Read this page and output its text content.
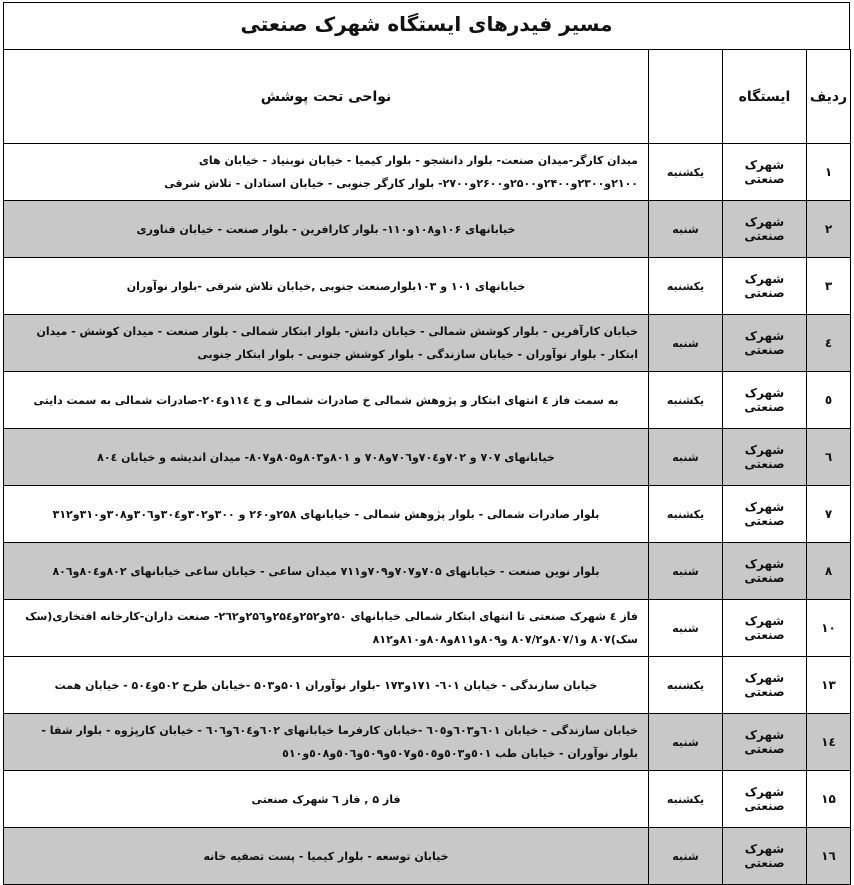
مسیر فیدرهای ایستگاه شهرک صنعتی
ردیف	ایستگاه		نواحی تحت پوشش
۱	شهرک صنعتی	یکشنبه	میدان کارگر-میدان صنعت- بلوار دانشجو - بلوار کیمیا - خیابان نوبنیاد - خیابان های ۲۱۰۰و۲۳۰۰و۲۴۰۰و۲۵۰۰و۲۶۰۰و۲۷۰۰- بلوار کارگر جنوبی - خیابان استادان - تلاش شرقی
۲	شهرک صنعتی	شنبه	خیابانهای ۱۰۶و۱۰۸و۱۱۰- بلوار کارافرین - بلوار صنعت - خیابان فناوری
۳	شهرک صنعتی	یکشنبه	خیابانهای ۱۰۱ و ۱۰۳بلوارصنعت جنوبی ,خیابان تلاش شرقی -بلوار نوآوران
٤	شهرک صنعتی	شنبه	خیابان کارآفرین - بلوار کوشش شمالی - خیابان دانش- بلوار ابتکار شمالی - بلوار صنعت - میدان کوشش - میدان ابتکار - بلوار نوآوران - خیابان سازندگی - بلوار کوشش جنوبی - بلوار ابتکار جنوبی
٥	شهرک صنعتی	یکشنبه	به سمت فاز ٤ انتهای ابتکار و پژوهش شمالی خ صادرات شمالی و خ ۱۱٤و۲۰٤-صادرات شمالی به سمت دایتی
٦	شهرک صنعتی	شنبه	خیابانهای ۷۰۷ و ۷۰۲و۷۰٤و۷۰٦و۷۰۸ و ۸۰۱و۸۰۳و۸۰۵و۸۰۷- میدان اندیشه و خیابان ۸۰٤
۷	شهرک صنعتی	یکشنبه	بلوار صادرات شمالی - بلوار پژوهش شمالی - خیابانهای ۲۵۸و۲۶۰ و ۳۰۰و۳۰۲و۳۰٤و۳۰٦و۳۰۸و۳۱۰و۳۱۲
۸	شهرک صنعتی	شنبه	بلوار نوین صنعت - خیابانهای ۷۰۵و۷۰۷و۷۰۹و۷۱۱ میدان ساعی - خیابان ساعی خیابانهای ۸۰۲و۸۰٤و۸۰٦
۱۰	شهرک صنعتی	شنبه	فاز ٤ شهرک صنعتی تا انتهای ابتکار شمالی خیابانهای ۲۵۰و۲۵۲و۲۵٤و۲۵٦و۲٦۲- صنعت داران-کارخانه افتخاری(سک سک)۸۰۷ و۸۰۷/۱و۸۰۷/۲ و۸۰۹و۸۱۱و۸۰۸و۸۱۰و۸۱۲
۱۳	شهرک صنعتی	یکشنبه	خیابان سازندگی - خیابان ٦۰۱- ۱۷۱و۱۷۳ -بلوار نوآوران ۵۰۱و۵۰۳ -خیابان طرح ۵۰۲و۵۰٤ - خیابان همت
۱٤	شهرک صنعتی	شنبه	خیابان سازندگی - خیابان ٦۰۱و٦۰۳و٦۰٥ -خیابان کارفرما خیابانهای ٦۰۲و٦۰٤و٦۰٦ - خیابان کارپژوه - بلوار شفا - بلوار نوآوران - خیابان طب ٥۰۱و٥۰۳و٥۰٥و٥۰۷و٥۰۹و٥۰٦و٥۰۸و٥۱۰
۱۵	شهرک صنعتی	یکشنبه	فاز ۵ , فاز ٦ شهرک صنعتی
۱٦	شهرک صنعتی	شنبه	خیابان توسعه - بلوار کیمیا - پست تصفیه خانه
